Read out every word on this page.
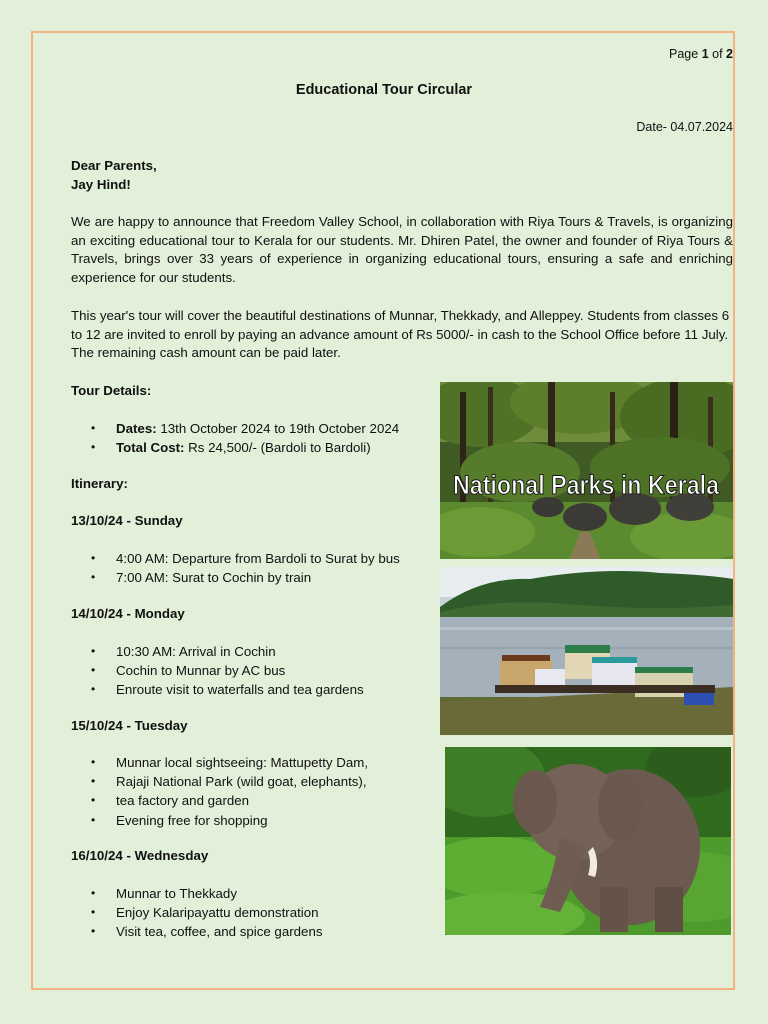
Page 1 of 2
Educational Tour Circular
Date- 04.07.2024
Dear Parents,
Jay Hind!
We are happy to announce that Freedom Valley School, in collaboration with Riya Tours & Travels, is organizing an exciting educational tour to Kerala for our students. Mr. Dhiren Patel, the owner and founder of Riya Tours & Travels, brings over 33 years of experience in organizing educational tours, ensuring a safe and enriching experience for our students.
This year's tour will cover the beautiful destinations of Munnar, Thekkady, and Alleppey. Students from classes 6 to 12 are invited to enroll by paying an advance amount of Rs 5000/- in cash to the School Office before 11 July. The remaining cash amount can be paid later.
Tour Details:
• Dates: 13th October 2024 to 19th October 2024
• Total Cost: Rs 24,500/- (Bardoli to Bardoli)
Itinerary:
13/10/24 - Sunday
• 4:00 AM: Departure from Bardoli to Surat by bus
• 7:00 AM: Surat to Cochin by train
14/10/24 - Monday
• 10:30 AM: Arrival in Cochin
• Cochin to Munnar by AC bus
• Enroute visit to waterfalls and tea gardens
15/10/24 - Tuesday
• Munnar local sightseeing: Mattupetty Dam,
• Rajaji National Park (wild goat, elephants),
• tea factory and garden
• Evening free for shopping
16/10/24 - Wednesday
• Munnar to Thekkady
• Enjoy Kalaripayattu demonstration
• Visit tea, coffee, and spice gardens
National Parks in Kerala
